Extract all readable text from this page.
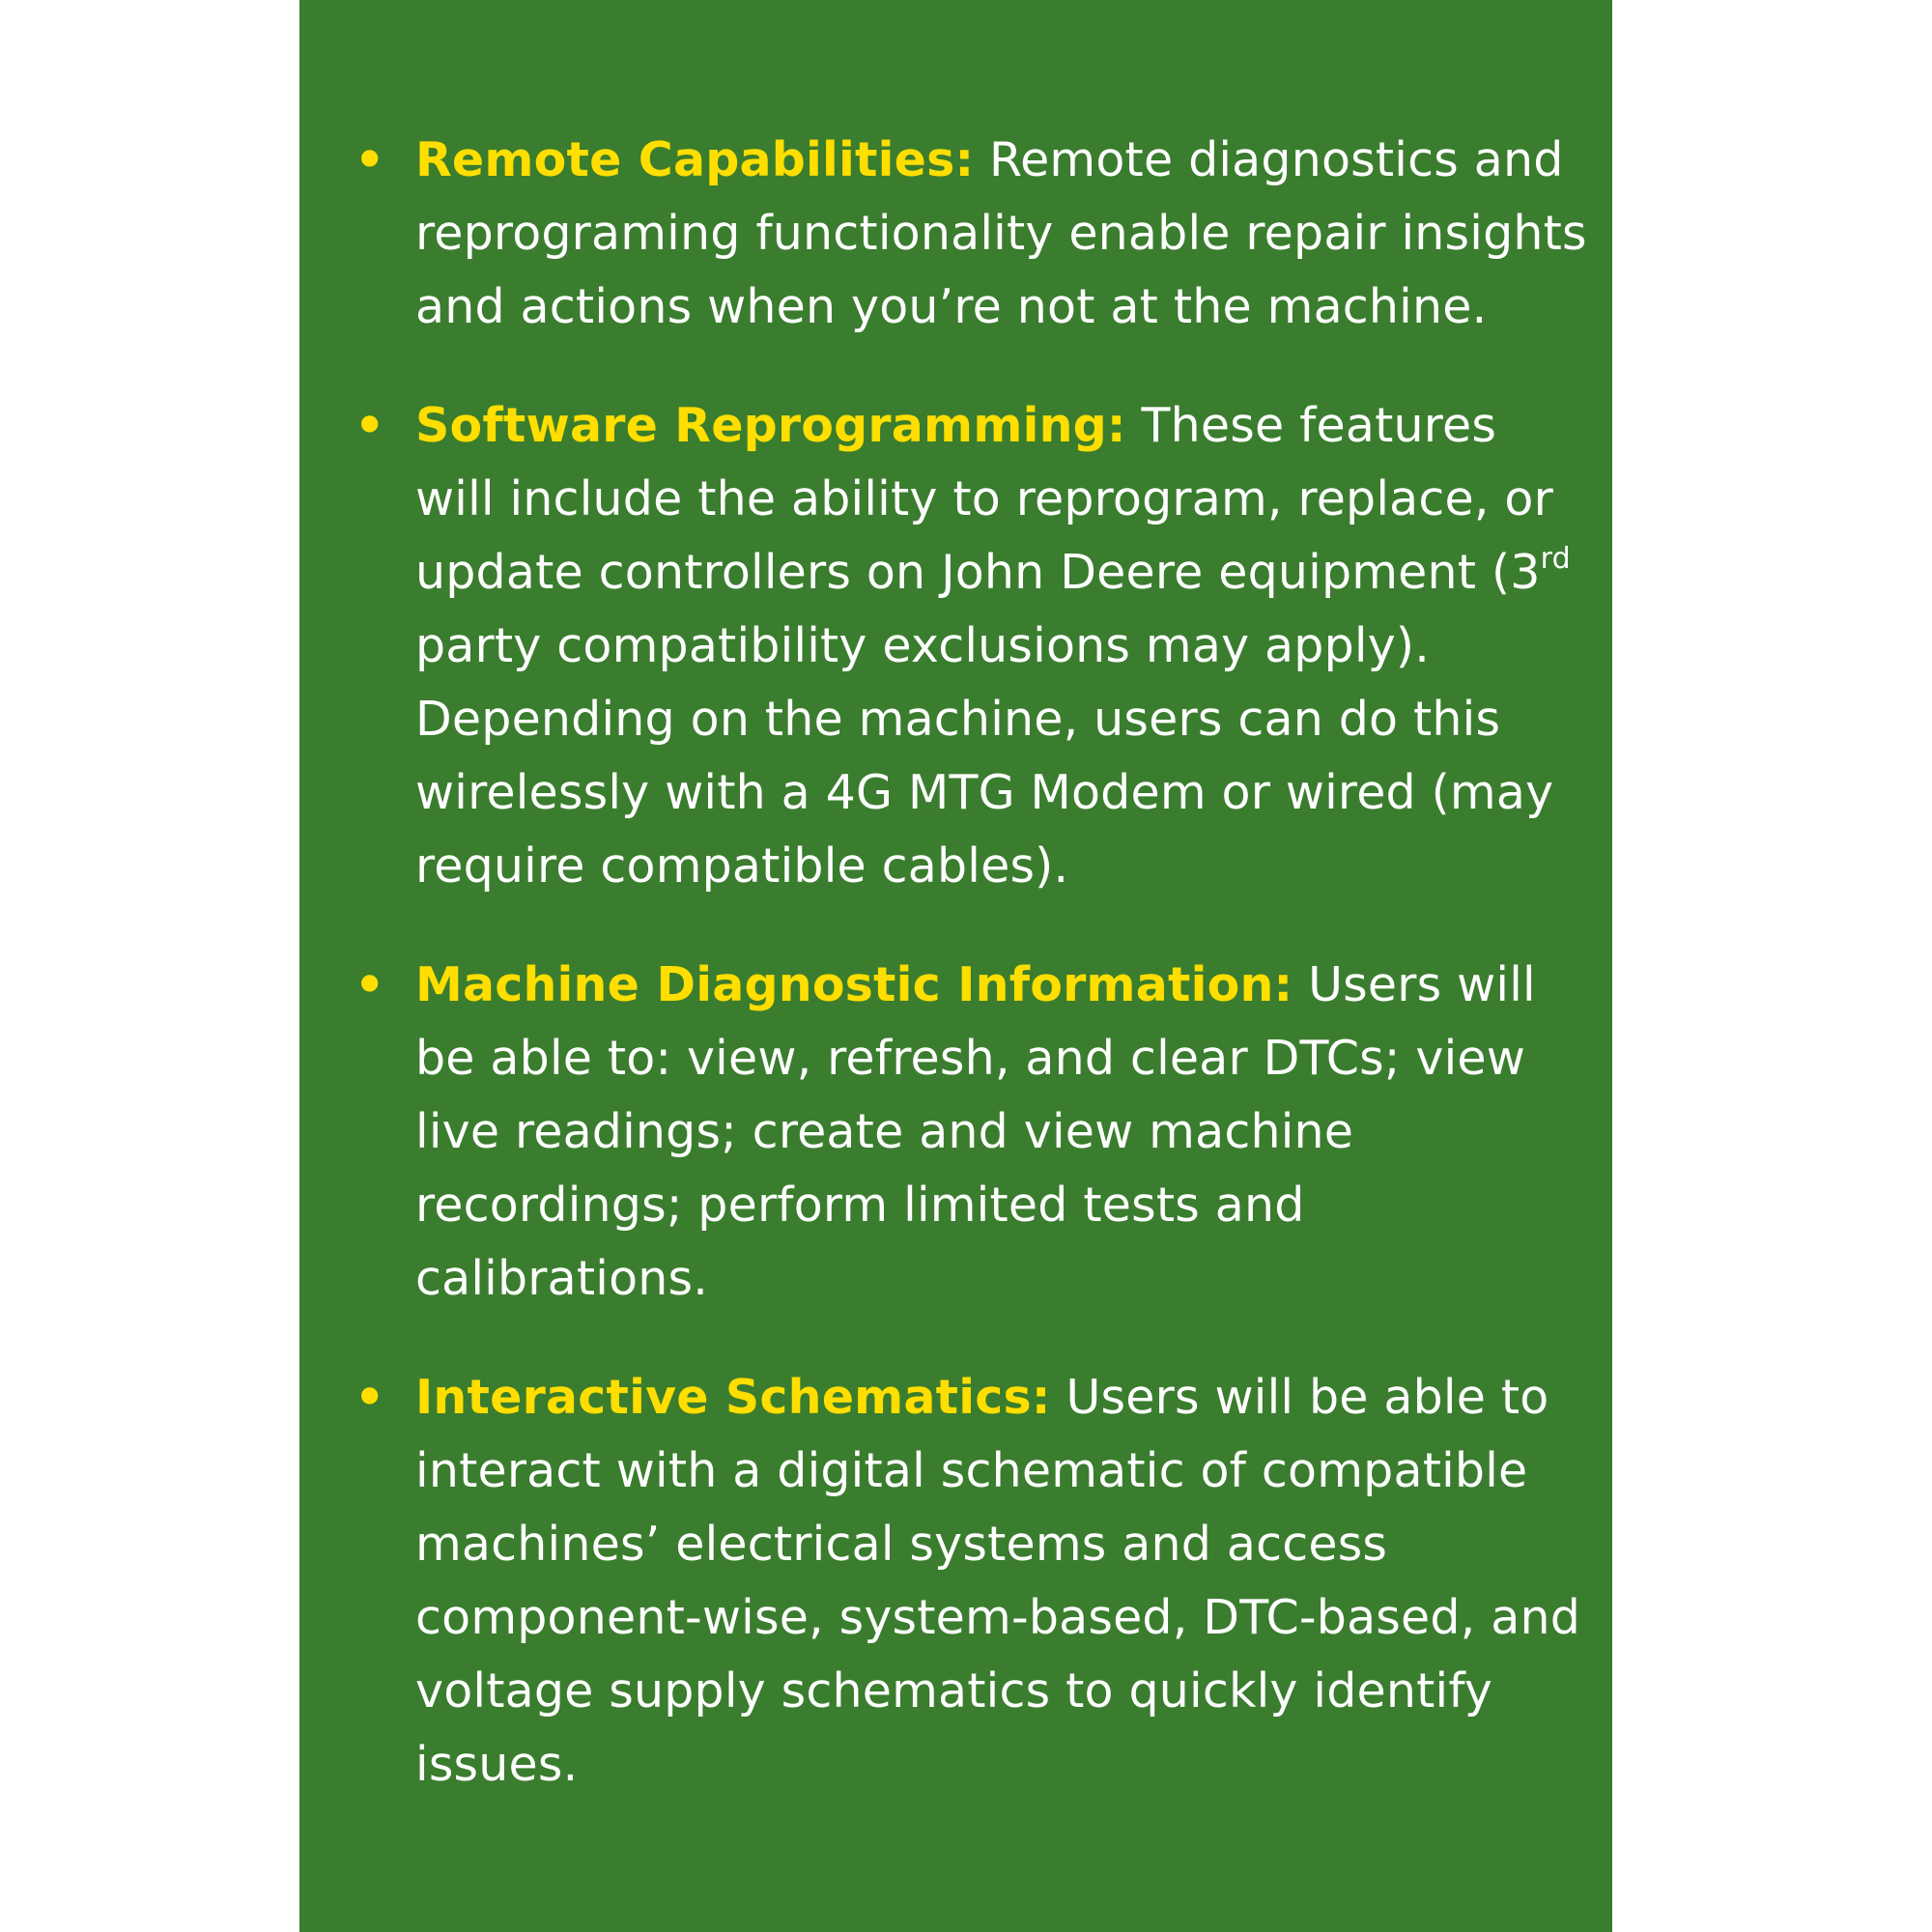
• Remote Capabilities: Remote diagnostics and reprograming functionality enable repair insights and actions when you’re not at the machine.
• Software Reprogramming: These features will include the ability to reprogram, replace, or update controllers on John Deere equipment (3rd party compatibility exclusions may apply). Depending on the machine, users can do this wirelessly with a 4G MTG Modem or wired (may require compatible cables).
• Machine Diagnostic Information: Users will be able to: view, refresh, and clear DTCs; view live readings; create and view machine recordings; perform limited tests and calibrations.
• Interactive Schematics: Users will be able to interact with a digital schematic of compatible machines’ electrical systems and access component-wise, system-based, DTC-based, and voltage supply schematics to quickly identify issues.
